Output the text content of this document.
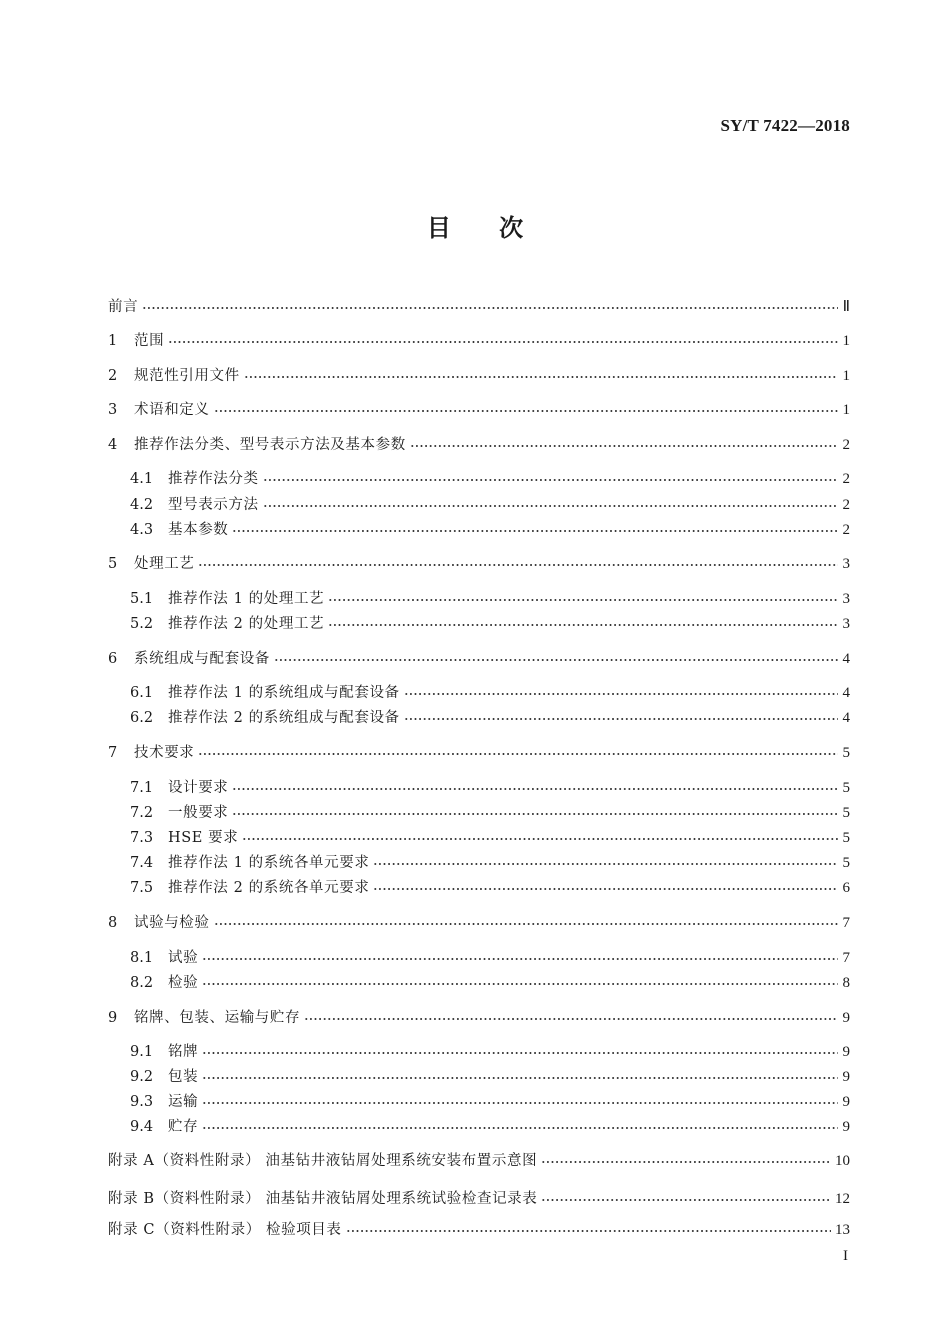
SY/T 7422—2018
目 次
前言	Ⅱ
1	范围	1
2	规范性引用文件	1
3	术语和定义	1
4	推荐作法分类、型号表示方法及基本参数	2
4.1	推荐作法分类	2
4.2	型号表示方法	2
4.3	基本参数	2
5	处理工艺	3
5.1	推荐作法 1 的处理工艺	3
5.2	推荐作法 2 的处理工艺	3
6	系统组成与配套设备	4
6.1	推荐作法 1 的系统组成与配套设备	4
6.2	推荐作法 2 的系统组成与配套设备	4
7	技术要求	5
7.1	设计要求	5
7.2	一般要求	5
7.3	HSE 要求	5
7.4	推荐作法 1 的系统各单元要求	5
7.5	推荐作法 2 的系统各单元要求	6
8	试验与检验	7
8.1	试验	7
8.2	检验	8
9	铭牌、包装、运输与贮存	9
9.1	铭牌	9
9.2	包装	9
9.3	运输	9
9.4	贮存	9
附录 A（资料性附录） 油基钻井液钻屑处理系统安装布置示意图	10
附录 B（资料性附录） 油基钻井液钻屑处理系统试验检查记录表	12
附录 C（资料性附录） 检验项目表	13
I
